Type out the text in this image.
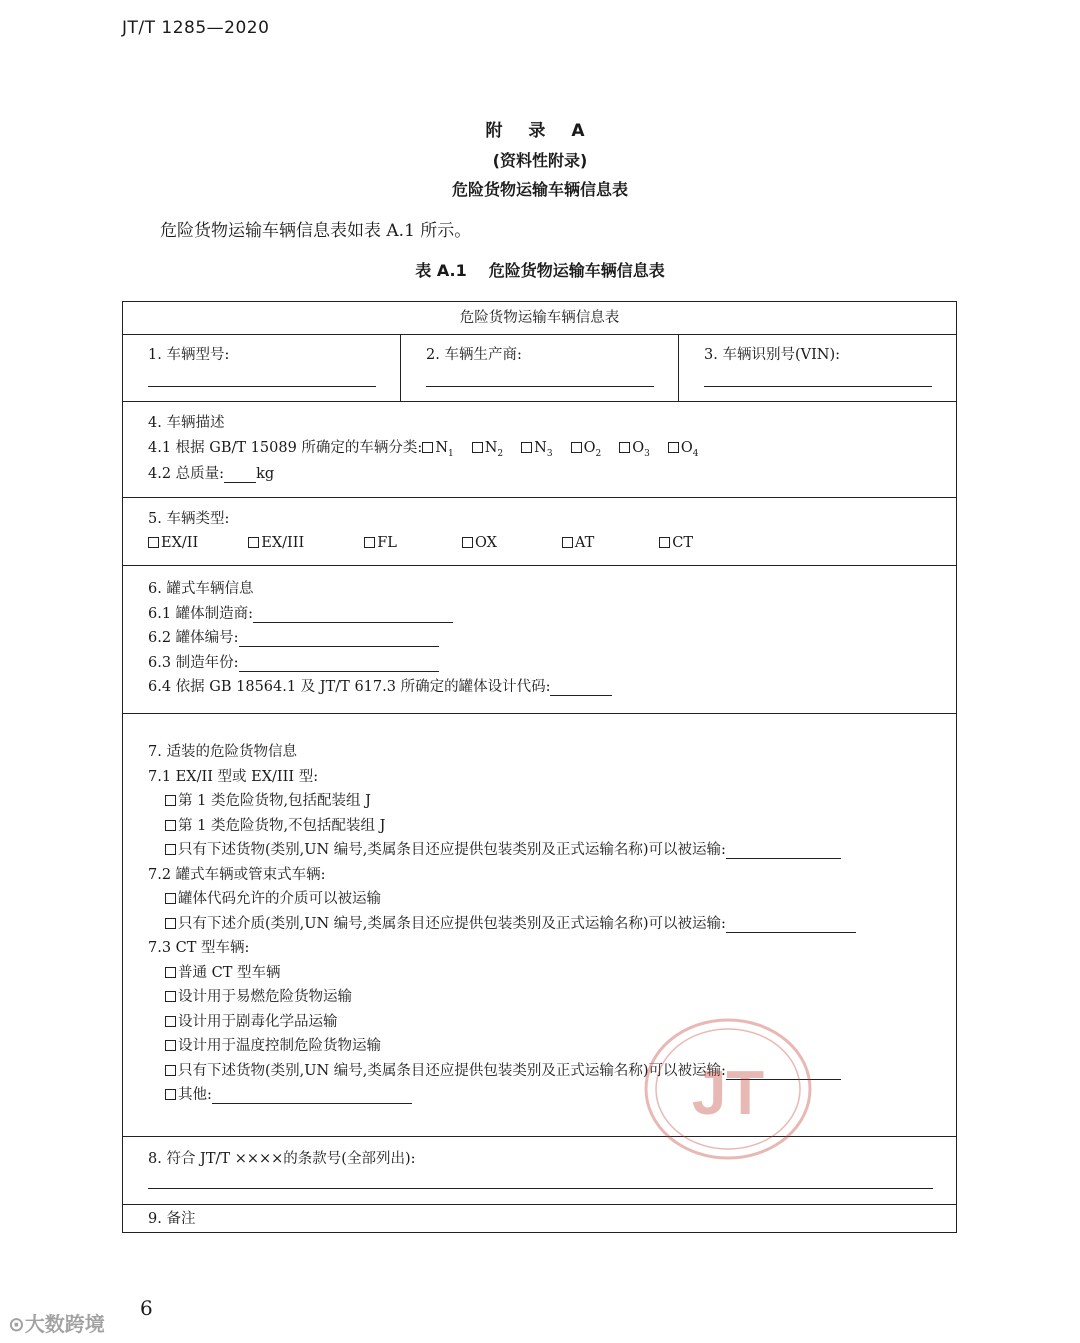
JT/T 1285—2020
附 录 A
(资料性附录)
危险货物运输车辆信息表
危险货物运输车辆信息表如表 A.1 所示。
表 A.1 危险货物运输车辆信息表
危险货物运输车辆信息表
1. 车辆型号:	2. 车辆生产商:	3. 车辆识别号(VIN):
4. 车辆描述
4.1 根据 GB/T 15089 所确定的车辆分类: $N_1$ $N_2$ $N_3$ $O_2$ $O_3$ $O_4$
4.2 总质量: kg
5. 车辆类型:
EX/II	EX/III	FL	OX	AT	CT
6. 罐式车辆信息
6.1 罐体制造商:
6.2 罐体编号:
6.3 制造年份:
6.4 依据 GB 18564.1 及 JT/T 617.3 所确定的罐体设计代码:
7. 适装的危险货物信息
7.1 EX/II 型或 EX/III 型:
第 1 类危险货物,包括配装组 J
第 1 类危险货物,不包括配装组 J
只有下述货物(类别,UN 编号,类属条目还应提供包装类别及正式运输名称)可以被运输:
7.2 罐式车辆或管束式车辆:
罐体代码允许的介质可以被运输
只有下述介质(类别,UN 编号,类属条目还应提供包装类别及正式运输名称)可以被运输:
7.3 CT 型车辆:
普通 CT 型车辆
设计用于易燃危险货物运输
设计用于剧毒化学品运输
设计用于温度控制危险货物运输
只有下述货物(类别,UN 编号,类属条目还应提供包装类别及正式运输名称)可以被运输:
其他:
8. 符合 JT/T ××××的条款号(全部列出):
9. 备注
JT
6
⊙大数跨境
